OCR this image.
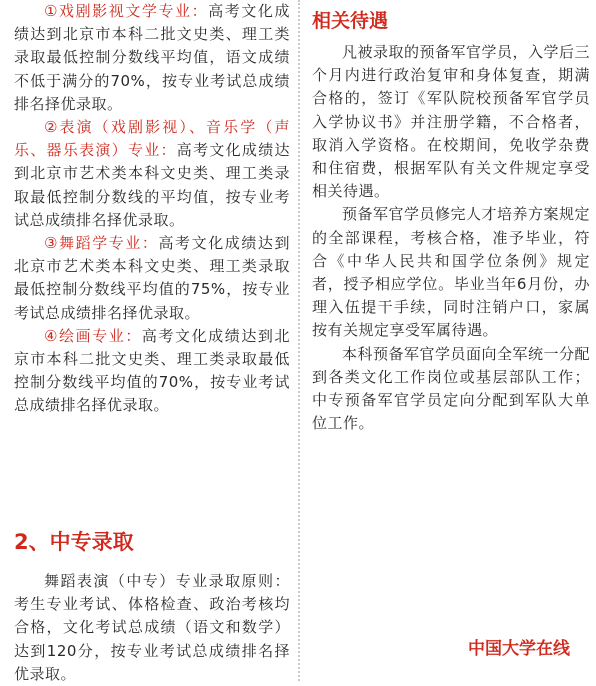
①戏剧影视文学专业：高考文化成绩达到北京市本科二批文史类、理工类录取最低控制分数线平均值，语文成绩不低于满分的70%，按专业考试总成绩排名择优录取。

②表演（戏剧影视）、音乐学（声乐、器乐表演）专业：高考文化成绩达到北京市艺术类本科文史类、理工类录取最低控制分数线的平均值，按专业考试总成绩排名择优录取。

③舞蹈学专业：高考文化成绩达到北京市艺术类本科文史类、理工类录取最低控制分数线平均值的75%，按专业考试总成绩排名择优录取。

④绘画专业：高考文化成绩达到北京市本科二批文史类、理工类录取最低控制分数线平均值的70%，按专业考试总成绩排名择优录取。

2、中专录取

舞蹈表演（中专）专业录取原则：考生专业考试、体格检查、政治考核均合格，文化考试总成绩（语文和数学）达到120分，按专业考试总成绩排名择优录取。

相关待遇

凡被录取的预备军官学员，入学后三个月内进行政治复审和身体复查，期满合格的，签订《军队院校预备军官学员入学协议书》并注册学籍，不合格者，取消入学资格。在校期间，免收学杂费和住宿费，根据军队有关文件规定享受相关待遇。

预备军官学员修完人才培养方案规定的全部课程，考核合格，准予毕业，符合《中华人民共和国学位条例》规定者，授予相应学位。毕业当年6月份，办理入伍提干手续，同时注销户口，家属按有关规定享受军属待遇。

本科预备军官学员面向全军统一分配到各类文化工作岗位或基层部队工作；中专预备军官学员定向分配到军队大单位工作。

中国大学在线
